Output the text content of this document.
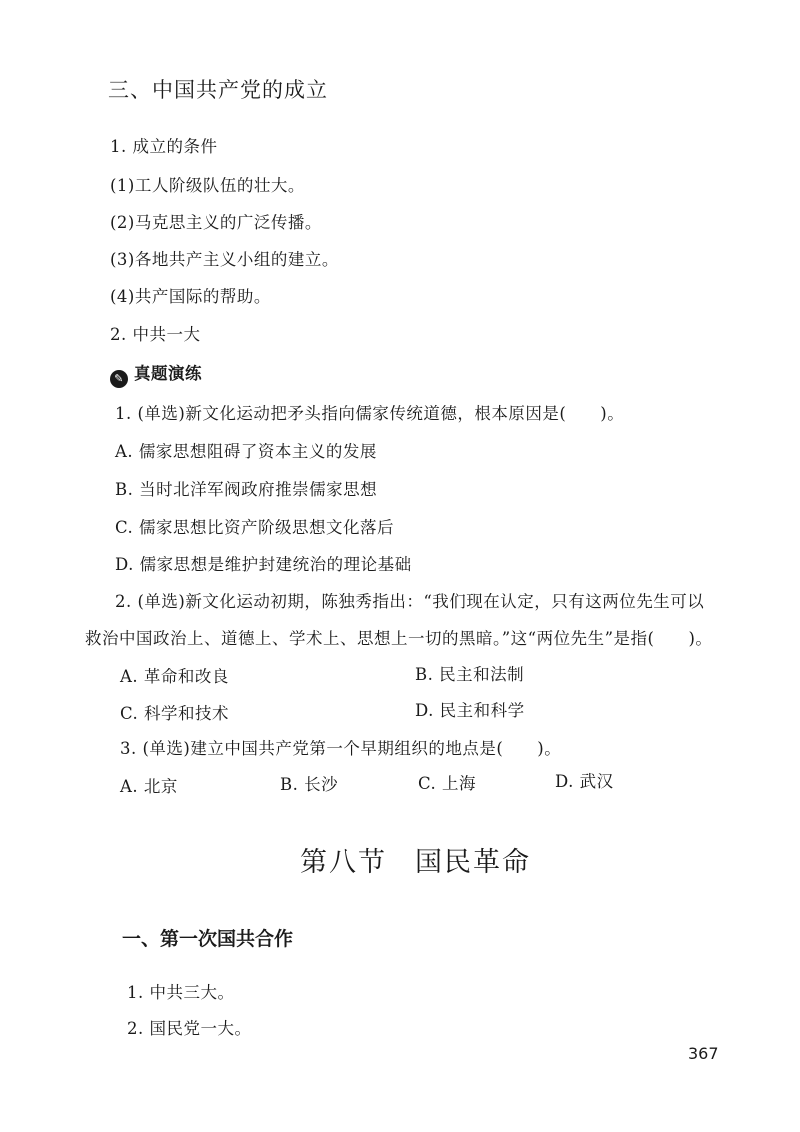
三、中国共产党的成立
1. 成立的条件
(1)工人阶级队伍的壮大。
(2)马克思主义的广泛传播。
(3)各地共产主义小组的建立。
(4)共产国际的帮助。
2. 中共一大
✎ 真题演练
1. (单选)新文化运动把矛头指向儒家传统道德，根本原因是(　　)。
A. 儒家思想阻碍了资本主义的发展
B. 当时北洋军阀政府推崇儒家思想
C. 儒家思想比资产阶级思想文化落后
D. 儒家思想是维护封建统治的理论基础
2. (单选)新文化运动初期，陈独秀指出：“我们现在认定，只有这两位先生可以
救治中国政治上、道德上、学术上、思想上一切的黑暗。”这“两位先生”是指(　　)。
A. 革命和改良	B. 民主和法制
C. 科学和技术	D. 民主和科学
3. (单选)建立中国共产党第一个早期组织的地点是(　　)。
A. 北京	B. 长沙	C. 上海	D. 武汉
第八节 国民革命
一、第一次国共合作
1. 中共三大。
2. 国民党一大。
367
